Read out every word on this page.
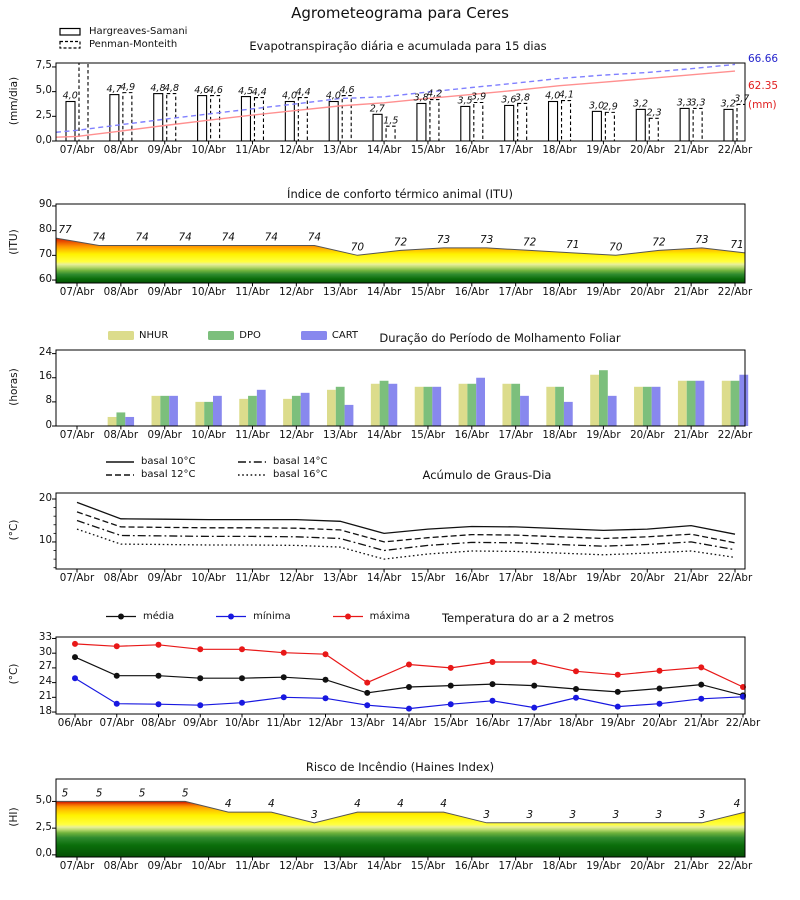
Agrometeograma para Ceres
Evapotranspiração diária e acumulada para 15 dias
Índice de conforto térmico animal (ITU)
Duração do Período de Molhamento Foliar
Acúmulo de Graus-Dia
Temperatura do ar a 2 metros
Risco de Incêndio (Haines Index)
(mm/dia)
(ITU)
(horas)
(°C)
(°C)
(HI)
Hargreaves-Samani
Penman-Monteith
66.66
62.35
(mm)
NHUR	DPO	CART
basal 10°C	basal 14°C
basal 12°C	basal 16°C
média	mínima	máxima
4,0
4,7	4,8	4,6	4,5	4,0	4,0
2,7
3,8	3,5	3,6	4,0
3,0	3,2	3,3	3,2
4,9	4,8	4,6	4,4	4,4	4,6
1,5
4,2	3,9	3,8	4,1
2,9
2,3
3,3	3,7
77
74	74	74	74	74	74
70	72	73	73	72	71	70	72	73 71
5	5	5	5
4	4
3
4	4	4
3	3	3	3	3	3
4
07/Abr 08/Abr 09/Abr 10/Abr 11/Abr 12/Abr 13/Abr 14/Abr 15/Abr 16/Abr 17/Abr 18/Abr 19/Abr 20/Abr 21/Abr 22/Abr
0,0
2,5
5,0
7,5
07/Abr 08/Abr 09/Abr 10/Abr 11/Abr 12/Abr 13/Abr 14/Abr 15/Abr 16/Abr 17/Abr 18/Abr 19/Abr 20/Abr 21/Abr 22/Abr
60
70
80
90
07/Abr 08/Abr 09/Abr 10/Abr 11/Abr 12/Abr 13/Abr 14/Abr 15/Abr 16/Abr 17/Abr 18/Abr 19/Abr 20/Abr 21/Abr 22/Abr
0,0
2,5
5,0
07/Abr 08/Abr 09/Abr 10/Abr 11/Abr 12/Abr 13/Abr 14/Abr 15/Abr 16/Abr 17/Abr 18/Abr 19/Abr 20/Abr 21/Abr 22/Abr
0
8
16
24
07/Abr 08/Abr 09/Abr 10/Abr 11/Abr 12/Abr 13/Abr 14/Abr 15/Abr 16/Abr 17/Abr 18/Abr 19/Abr 20/Abr 21/Abr 22/Abr
10
20
06/Abr 07/Abr 08/Abr 09/Abr 10/Abr 11/Abr 12/Abr 13/Abr 14/Abr 15/Abr 16/Abr 17/Abr 18/Abr 19/Abr 20/Abr 21/Abr 22/Abr
18
21
24
27
30
33
